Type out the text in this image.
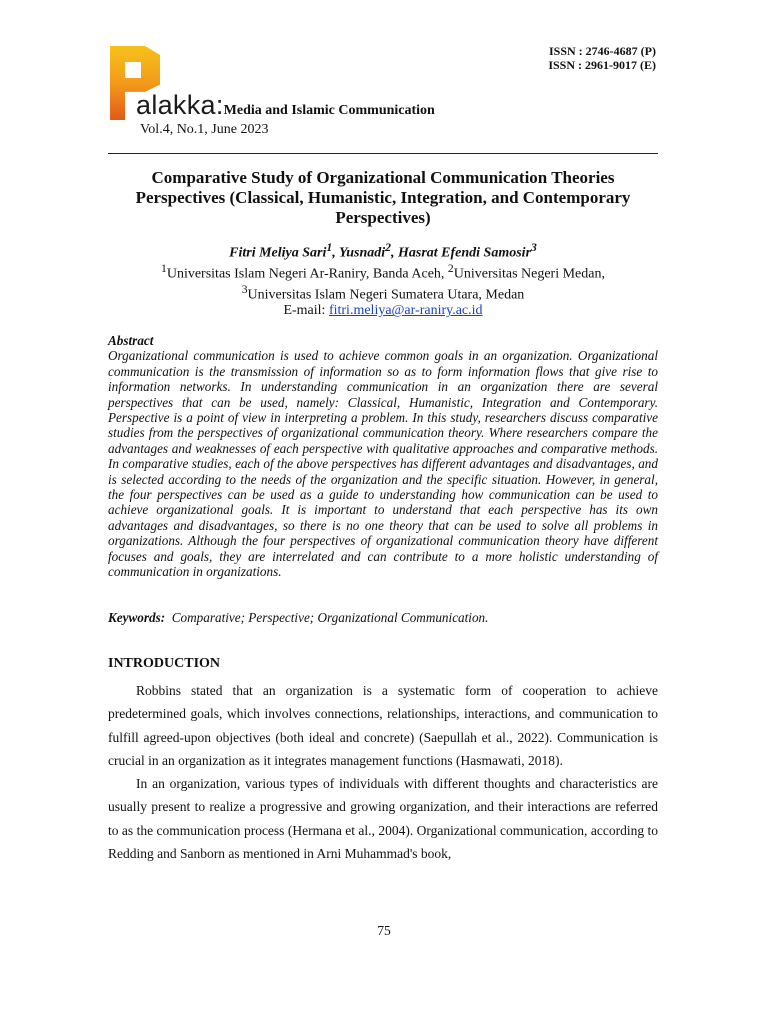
ISSN : 2746-4687 (P)
ISSN : 2961-9017 (E)
alakka:Media and Islamic Communication
Vol.4, No.1, June 2023
Comparative Study of Organizational Communication Theories Perspectives (Classical, Humanistic, Integration, and Contemporary Perspectives)
Fitri Meliya Sari$^1$, Yusnadi$^2$, Hasrat Efendi Samosir$^3$
$^1$Universitas Islam Negeri Ar-Raniry, Banda Aceh, $^2$Universitas Negeri Medan,
$^3$Universitas Islam Negeri Sumatera Utara, Medan
E-mail: fitri.meliya@ar-raniry.ac.id
Abstract
Organizational communication is used to achieve common goals in an organization. Organizational communication is the transmission of information so as to form information flows that give rise to information networks. In understanding communication in an organization there are several perspectives that can be used, namely: Classical, Humanistic, Integration and Contemporary. Perspective is a point of view in interpreting a problem. In this study, researchers discuss comparative studies from the perspectives of organizational communication theory. Where researchers compare the advantages and weaknesses of each perspective with qualitative approaches and comparative methods. In comparative studies, each of the above perspectives has different advantages and disadvantages, and is selected according to the needs of the organization and the specific situation. However, in general, the four perspectives can be used as a guide to understanding how communication can be used to achieve organizational goals. It is important to understand that each perspective has its own advantages and disadvantages, so there is no one theory that can be used to solve all problems in organizations. Although the four perspectives of organizational communication theory have different focuses and goals, they are interrelated and can contribute to a more holistic understanding of communication in organizations.
Keywords: Comparative; Perspective; Organizational Communication.
INTRODUCTION

Robbins stated that an organization is a systematic form of cooperation to achieve predetermined goals, which involves connections, relationships, interactions, and communication to fulfill agreed-upon objectives (both ideal and concrete) (Saepullah et al., 2022). Communication is crucial in an organization as it integrates management functions (Hasmawati, 2018).

In an organization, various types of individuals with different thoughts and characteristics are usually present to realize a progressive and growing organization, and their interactions are referred to as the communication process (Hermana et al., 2004). Organizational communication, according to Redding and Sanborn as mentioned in Arni Muhammad's book,

75
